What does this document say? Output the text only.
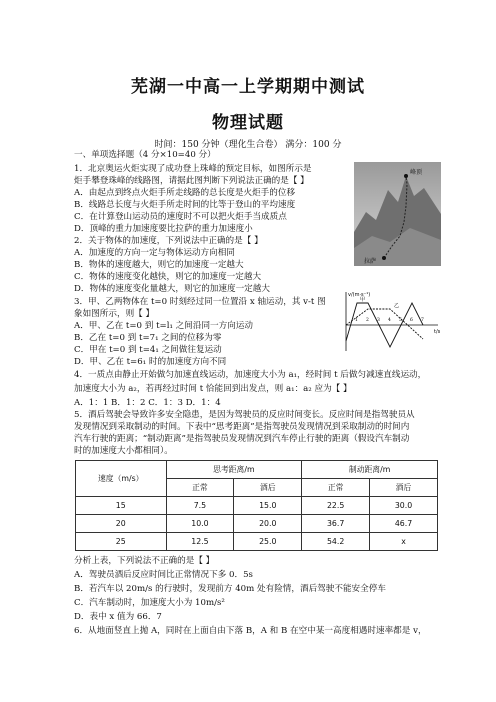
芜湖一中高一上学期期中测试
物理试题
时间：150 分钟（理化生合卷） 满分：100 分
一、单项选择题（4 分×10=40 分）
1．北京奥运火炬实现了成功登上珠峰的预定目标，如图所示是
炬手攀登珠峰的线路图，请据此图判断下列说法正确的是【 】
A．由起点到终点火炬手所走线路的总长度是火炬手的位移
B．线路总长度与火炬手所走时间的比等于登山的平均速度
C．在计算登山运动员的速度时不可以把火炬手当成质点
D．顶峰的重力加速度要比拉萨的重力加速度小
2．关于物体的加速度，下列说法中正确的是【 】
A．加速度的方向一定与物体运动方向相同
B．物体的速度越大，则它的加速度一定越大
C．物体的速度变化越快，则它的加速度一定越大
D．物体的速度变化量越大，则它的加速度一定越大
3．甲、乙两物体在 t=0 时刻经过同一位置沿 x 轴运动，其 v-t 图
象如图所示，则【 】
A．甲、乙在 t=0 到 t=l₁ 之间沿同一方向运动
B．乙在 t=0 到 t=7₁ 之间的位移为零
C．甲在 t=0 到 t=4₁ 之间做往复运动
D．甲、乙在 t=6₁ 时的加速度方向不同
4．一质点由静止开始做匀加速直线运动，加速度大小为 a₁，经时间 t 后做匀减速直线运动，
加速度大小为 a₂，若再经过时间 t 恰能回到出发点，则 a₁：a₂ 应为【 】
A．1：1 B．1：2 C．1：3 D．1：4
5．酒后驾驶会导致许多安全隐患，是因为驾驶员的反应时间变长。反应时间是指驾驶员从
发现情况到采取制动的时间。下表中“思考距离”是指驾驶员发现情况到采取制动的时间内
汽车行驶的距离；“制动距离”是指驾驶员发现情况到汽车停止行驶的距离（假设汽车制动
时的加速度大小都相同）。
速度（m/s）	思考距离/m		制动距离/m	
	正常	酒后	正常	酒后
15	7.5	15.0	22.5	30.0
20	10.0	20.0	36.7	46.7
25	12.5	25.0	54.2	x
分析上表，下列说法不正确的是【 】
A．驾驶员酒后反应时间比正常情况下多 0．5s
B．若汽车以 20m/s 的行驶时，发现前方 40m 处有险情，酒后驾驶不能安全停车
C．汽车制动时，加速度大小为 10m/s²
D．表中 x 值为 66．7
6．从地面竖直上抛 A，同时在上面自由下落 B，A 和 B 在空中某一高度相遇时速率都是 v，
峰顶
拉萨
v/(m·s⁻¹)
t/s
1 2 3 4 5 6 7
甲
乙
